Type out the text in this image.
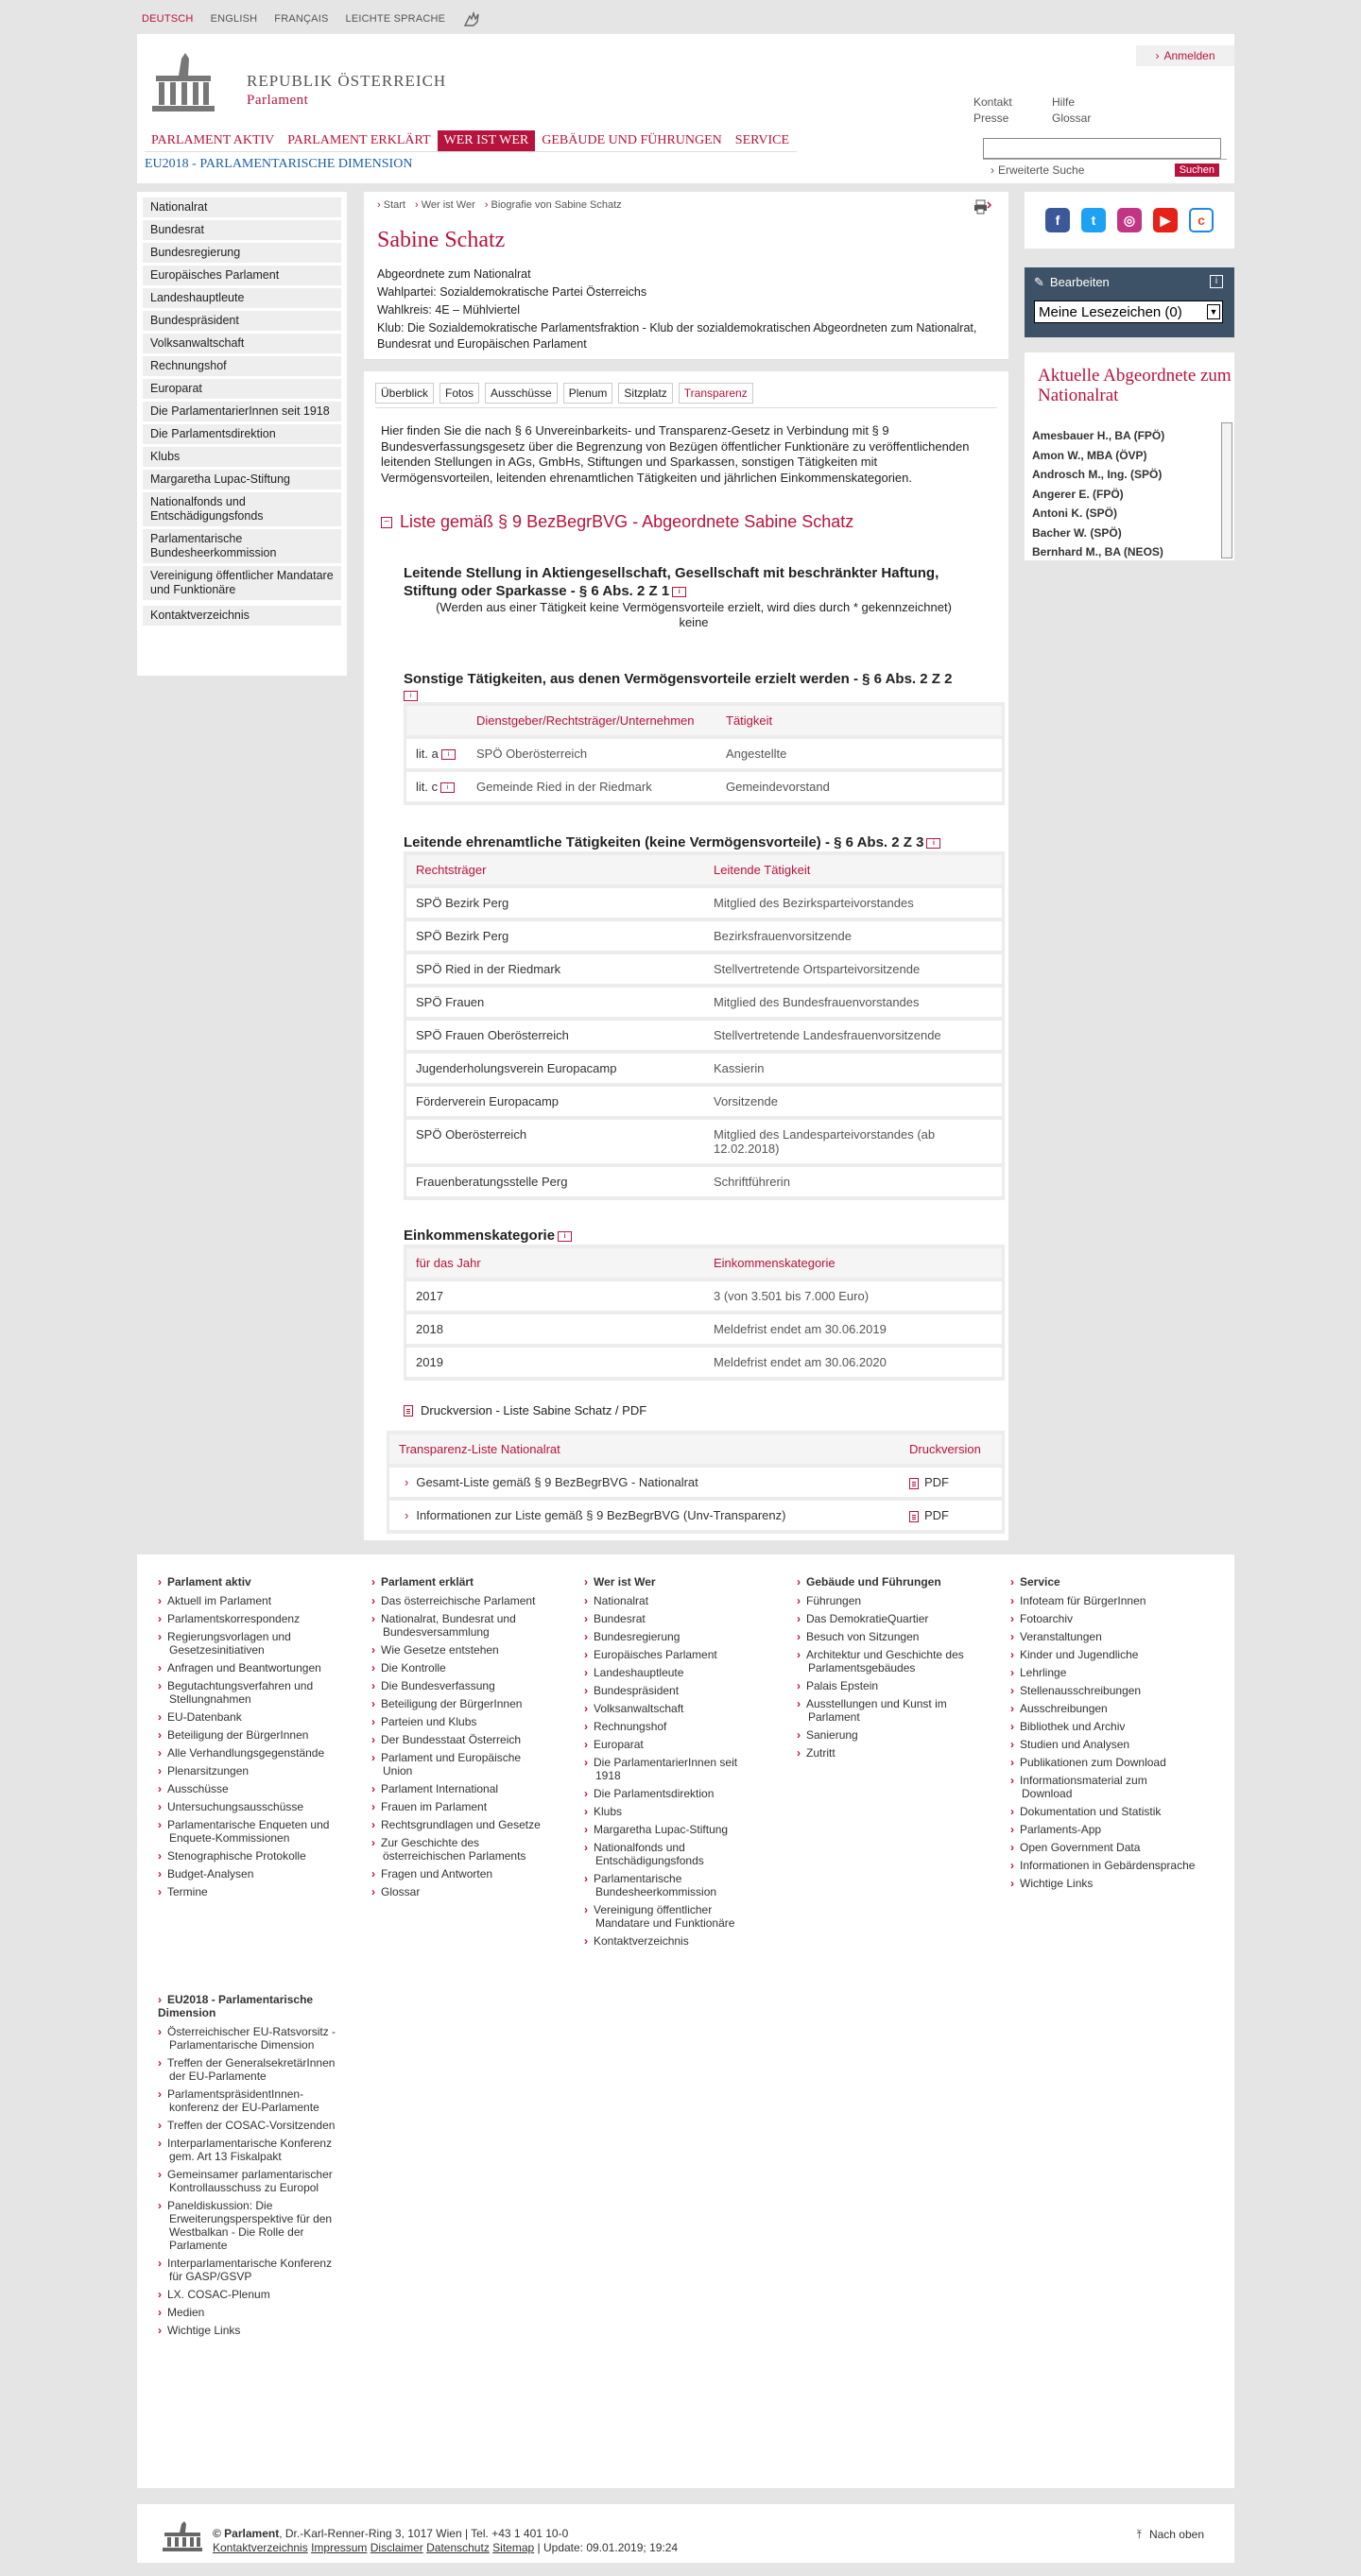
DEUTSCH ENGLISH FRANÇAIS LEICHTE SPRACHE
REPUBLIK ÖSTERREICH
Parlament
› Anmelden
Kontakt
Presse
Hilfe
Glossar
PARLAMENT AKTIV	PARLAMENT ERKLÄRT	WER IST WER	GEBÄUDE UND FÜHRUNGEN	SERVICE
EU2018 - PARLAMENTARISCHE DIMENSION	› Erweiterte Suche	Suchen
Nationalrat
Bundesrat
Bundesregierung
Europäisches Parlament
Landeshauptleute
Bundespräsident
Volksanwaltschaft
Rechnungshof
Europarat
Die ParlamentarierInnen seit 1918
Die Parlamentsdirektion
Klubs
Margaretha Lupac-Stiftung
Nationalfonds und Entschädigungsfonds
Parlamentarische Bundesheerkommission
Vereinigung öffentlicher Mandatare und Funktionäre
Kontaktverzeichnis
› Start	› Wer ist Wer	› Biografie von Sabine Schatz
Sabine Schatz
Abgeordnete zum Nationalrat
Wahlpartei: Sozialdemokratische Partei Österreichs
Wahlkreis: 4E – Mühlviertel
Klub: Die Sozialdemokratische Parlamentsfraktion - Klub der sozialdemokratischen Abgeordneten zum Nationalrat, Bundesrat und Europäischen Parlament
Überblick	Fotos	Ausschüsse	Plenum	Sitzplatz	Transparenz

Hier finden Sie die nach § 6 Unvereinbarkeits- und Transparenz-Gesetz in Verbindung mit § 9 Bundesverfassungsgesetz über die Begrenzung von Bezügen öffentlicher Funktionäre zu veröffentlichenden leitenden Stellungen in AGs, GmbHs, Stiftungen und Sparkassen, sonstigen Tätigkeiten mit Vermögensvorteilen, leitenden ehrenamtlichen Tätigkeiten und jährlichen Einkommenskategorien.

− Liste gemäß § 9 BezBegrBVG - Abgeordnete Sabine Schatz
Leitende Stellung in Aktiengesellschaft, Gesellschaft mit beschränkter Haftung, Stiftung oder Sparkasse - § 6 Abs. 2 Z 1 i
(Werden aus einer Tätigkeit keine Vermögensvorteile erzielt, wird dies durch * gekennzeichnet)
keine
Sonstige Tätigkeiten, aus denen Vermögensvorteile erzielt werden - § 6 Abs. 2 Z 2
i
	Dienstgeber/Rechtsträger/Unternehmen	Tätigkeit
lit. a i	SPÖ Oberösterreich	Angestellte
lit. c i	Gemeinde Ried in der Riedmark	Gemeindevorstand
Leitende ehrenamtliche Tätigkeiten (keine Vermögensvorteile) - § 6 Abs. 2 Z 3 i
Rechtsträger	Leitende Tätigkeit
SPÖ Bezirk Perg	Mitglied des Bezirksparteivorstandes
SPÖ Bezirk Perg	Bezirksfrauenvorsitzende
SPÖ Ried in der Riedmark	Stellvertretende Ortsparteivorsitzende
SPÖ Frauen	Mitglied des Bundesfrauenvorstandes
SPÖ Frauen Oberösterreich	Stellvertretende Landesfrauenvorsitzende
Jugenderholungsverein Europacamp	Kassierin
Förderverein Europacamp	Vorsitzende
SPÖ Oberösterreich	Mitglied des Landesparteivorstandes (ab 12.02.2018)
Frauenberatungsstelle Perg	Schriftführerin
Einkommenskategorie i
für das Jahr	Einkommenskategorie
2017	3 (von 3.501 bis 7.000 Euro)
2018	Meldefrist endet am 30.06.2019
2019	Meldefrist endet am 30.06.2020
Druckversion - Liste Sabine Schatz / PDF
Transparenz-Liste Nationalrat	Druckversion
› Gesamt-Liste gemäß § 9 BezBegrBVG - Nationalrat	PDF
› Informationen zur Liste gemäß § 9 BezBegrBVG (Unv-Transparenz)	PDF
f	t	◎	▶	c
✎ Bearbeiten	i
Meine Lesezeichen (0)	▼
Aktuelle Abgeordnete zum Nationalrat
Amesbauer H., BA (FPÖ)
Amon W., MBA (ÖVP)
Androsch M., Ing. (SPÖ)
Angerer E. (FPÖ)
Antoni K. (SPÖ)
Bacher W. (SPÖ)
Bernhard M., BA (NEOS)
› Parlament aktiv
› Aktuell im Parlament
› Parlamentskorrespondenz
› Regierungsvorlagen und Gesetzesinitiativen
› Anfragen und Beantwortungen
› Begutachtungsverfahren und Stellungnahmen
› EU-Datenbank
› Beteiligung der BürgerInnen
› Alle Verhandlungsgegenstände
› Plenarsitzungen
› Ausschüsse
› Untersuchungsausschüsse
› Parlamentarische Enqueten und Enquete-Kommissionen
› Stenographische Protokolle
› Budget-Analysen
› Termine
› Parlament erklärt
› Das österreichische Parlament
› Nationalrat, Bundesrat und Bundesversammlung
› Wie Gesetze entstehen
› Die Kontrolle
› Die Bundesverfassung
› Beteiligung der BürgerInnen
› Parteien und Klubs
› Der Bundesstaat Österreich
› Parlament und Europäische Union
› Parlament International
› Frauen im Parlament
› Rechtsgrundlagen und Gesetze
› Zur Geschichte des österreichischen Parlaments
› Fragen und Antworten
› Glossar
› Wer ist Wer
› Nationalrat
› Bundesrat
› Bundesregierung
› Europäisches Parlament
› Landeshauptleute
› Bundespräsident
› Volksanwaltschaft
› Rechnungshof
› Europarat
› Die ParlamentarierInnen seit 1918
› Die Parlamentsdirektion
› Klubs
› Margaretha Lupac-Stiftung
› Nationalfonds und Entschädigungsfonds
› Parlamentarische Bundesheerkommission
› Vereinigung öffentlicher Mandatare und Funktionäre
› Kontaktverzeichnis
› Gebäude und Führungen
› Führungen
› Das DemokratieQuartier
› Besuch von Sitzungen
› Architektur und Geschichte des Parlamentsgebäudes
› Palais Epstein
› Ausstellungen und Kunst im Parlament
› Sanierung
› Zutritt
› Service
› Infoteam für BürgerInnen
› Fotoarchiv
› Veranstaltungen
› Kinder und Jugendliche
› Lehrlinge
› Stellenausschreibungen
› Ausschreibungen
› Bibliothek und Archiv
› Studien und Analysen
› Publikationen zum Download
› Informationsmaterial zum Download
› Dokumentation und Statistik
› Parlaments-App
› Open Government Data
› Informationen in Gebärdensprache
› Wichtige Links
› EU2018 - Parlamentarische Dimension
› Österreichischer EU-Ratsvorsitz - Parlamentarische Dimension
› Treffen der GeneralsekretärInnen der EU-Parlamente
› ParlamentspräsidentInnen-konferenz der EU-Parlamente
› Treffen der COSAC-Vorsitzenden
› Interparlamentarische Konferenz gem. Art 13 Fiskalpakt
› Gemeinsamer parlamentarischer Kontrollausschuss zu Europol
› Paneldiskussion: Die Erweiterungsperspektive für den Westbalkan - Die Rolle der Parlamente
› Interparlamentarische Konferenz für GASP/GSVP
› LX. COSAC-Plenum
› Medien
› Wichtige Links
© Parlament, Dr.-Karl-Renner-Ring 3, 1017 Wien | Tel. +43 1 401 10-0
Kontaktverzeichnis Impressum Disclaimer Datenschutz Sitemap | Update: 09.01.2019; 19:24
⤒ Nach oben
